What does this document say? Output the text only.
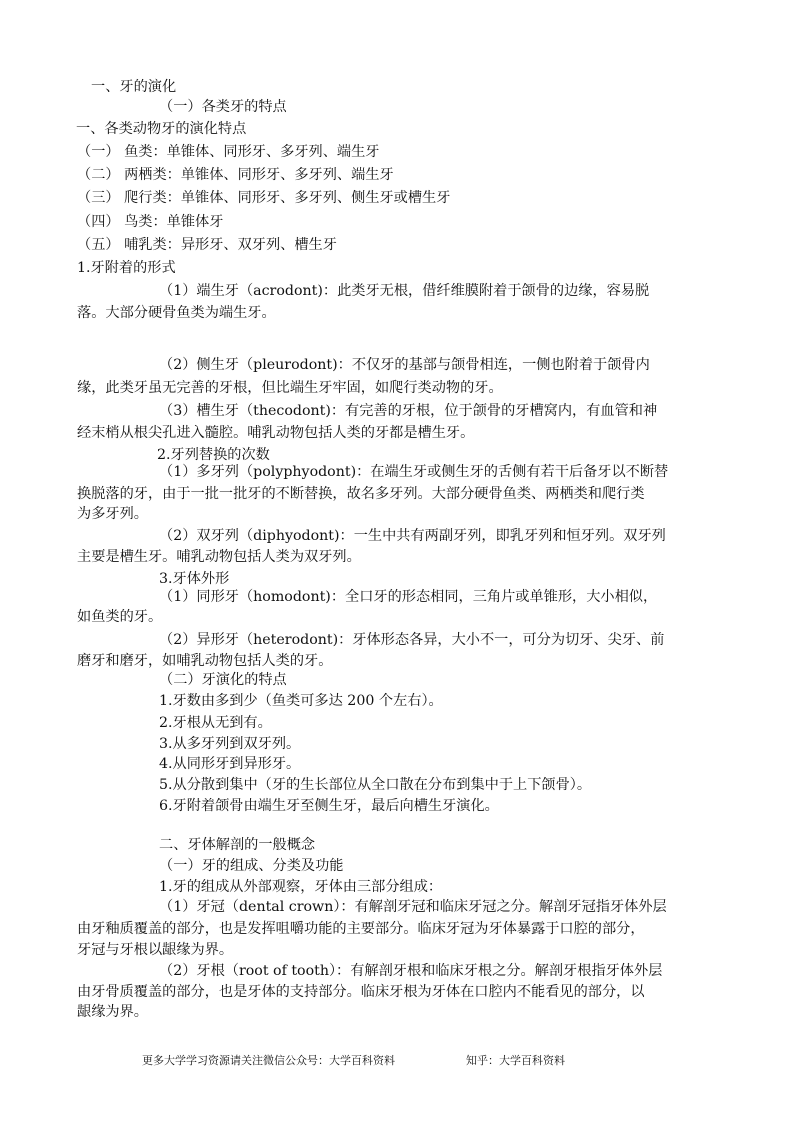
一、牙的演化
（一）各类牙的特点
一、各类动物牙的演化特点
（一） 鱼类：单锥体、同形牙、多牙列、端生牙
（二） 两栖类：单锥体、同形牙、多牙列、端生牙
（三） 爬行类：单锥体、同形牙、多牙列、侧生牙或槽生牙
（四） 鸟类：单锥体牙
（五） 哺乳类：异形牙、双牙列、槽生牙
1.牙附着的形式
（1）端生牙（acrodont)：此类牙无根，借纤维膜附着于颌骨的边缘，容易脱
落。大部分硬骨鱼类为端生牙。
（2）侧生牙（pleurodont)：不仅牙的基部与颌骨相连，一侧也附着于颌骨内
缘，此类牙虽无完善的牙根，但比端生牙牢固，如爬行类动物的牙。
（3）槽生牙（thecodont)：有完善的牙根，位于颌骨的牙槽窝内，有血管和神
经末梢从根尖孔进入髓腔。哺乳动物包括人类的牙都是槽生牙。
2.牙列替换的次数
（1）多牙列（polyphyodont)：在端生牙或侧生牙的舌侧有若干后备牙以不断替
换脱落的牙，由于一批一批牙的不断替换，故名多牙列。大部分硬骨鱼类、两栖类和爬行类
为多牙列。
（2）双牙列（diphyodont)：一生中共有两副牙列，即乳牙列和恒牙列。双牙列
主要是槽生牙。哺乳动物包括人类为双牙列。
3.牙体外形
（1）同形牙（homodont)：全口牙的形态相同，三角片或单锥形，大小相似，
如鱼类的牙。
（2）异形牙（heterodont)：牙体形态各异，大小不一，可分为切牙、尖牙、前
磨牙和磨牙，如哺乳动物包括人类的牙。
（二）牙演化的特点
1.牙数由多到少（鱼类可多达 200 个左右）。
2.牙根从无到有。
3.从多牙列到双牙列。
4.从同形牙到异形牙。
5.从分散到集中（牙的生长部位从全口散在分布到集中于上下颌骨）。
6.牙附着颌骨由端生牙至侧生牙，最后向槽生牙演化。
二、牙体解剖的一般概念
（一）牙的组成、分类及功能
1.牙的组成从外部观察，牙体由三部分组成：
（1）牙冠（dental crown）：有解剖牙冠和临床牙冠之分。解剖牙冠指牙体外层
由牙釉质覆盖的部分，也是发挥咀嚼功能的主要部分。临床牙冠为牙体暴露于口腔的部分，
牙冠与牙根以龈缘为界。
（2）牙根（root of tooth）：有解剖牙根和临床牙根之分。解剖牙根指牙体外层
由牙骨质覆盖的部分，也是牙体的支持部分。临床牙根为牙体在口腔内不能看见的部分，以
龈缘为界。
更多大学学习资源请关注微信公众号：大学百科资料	知乎：大学百科资料
